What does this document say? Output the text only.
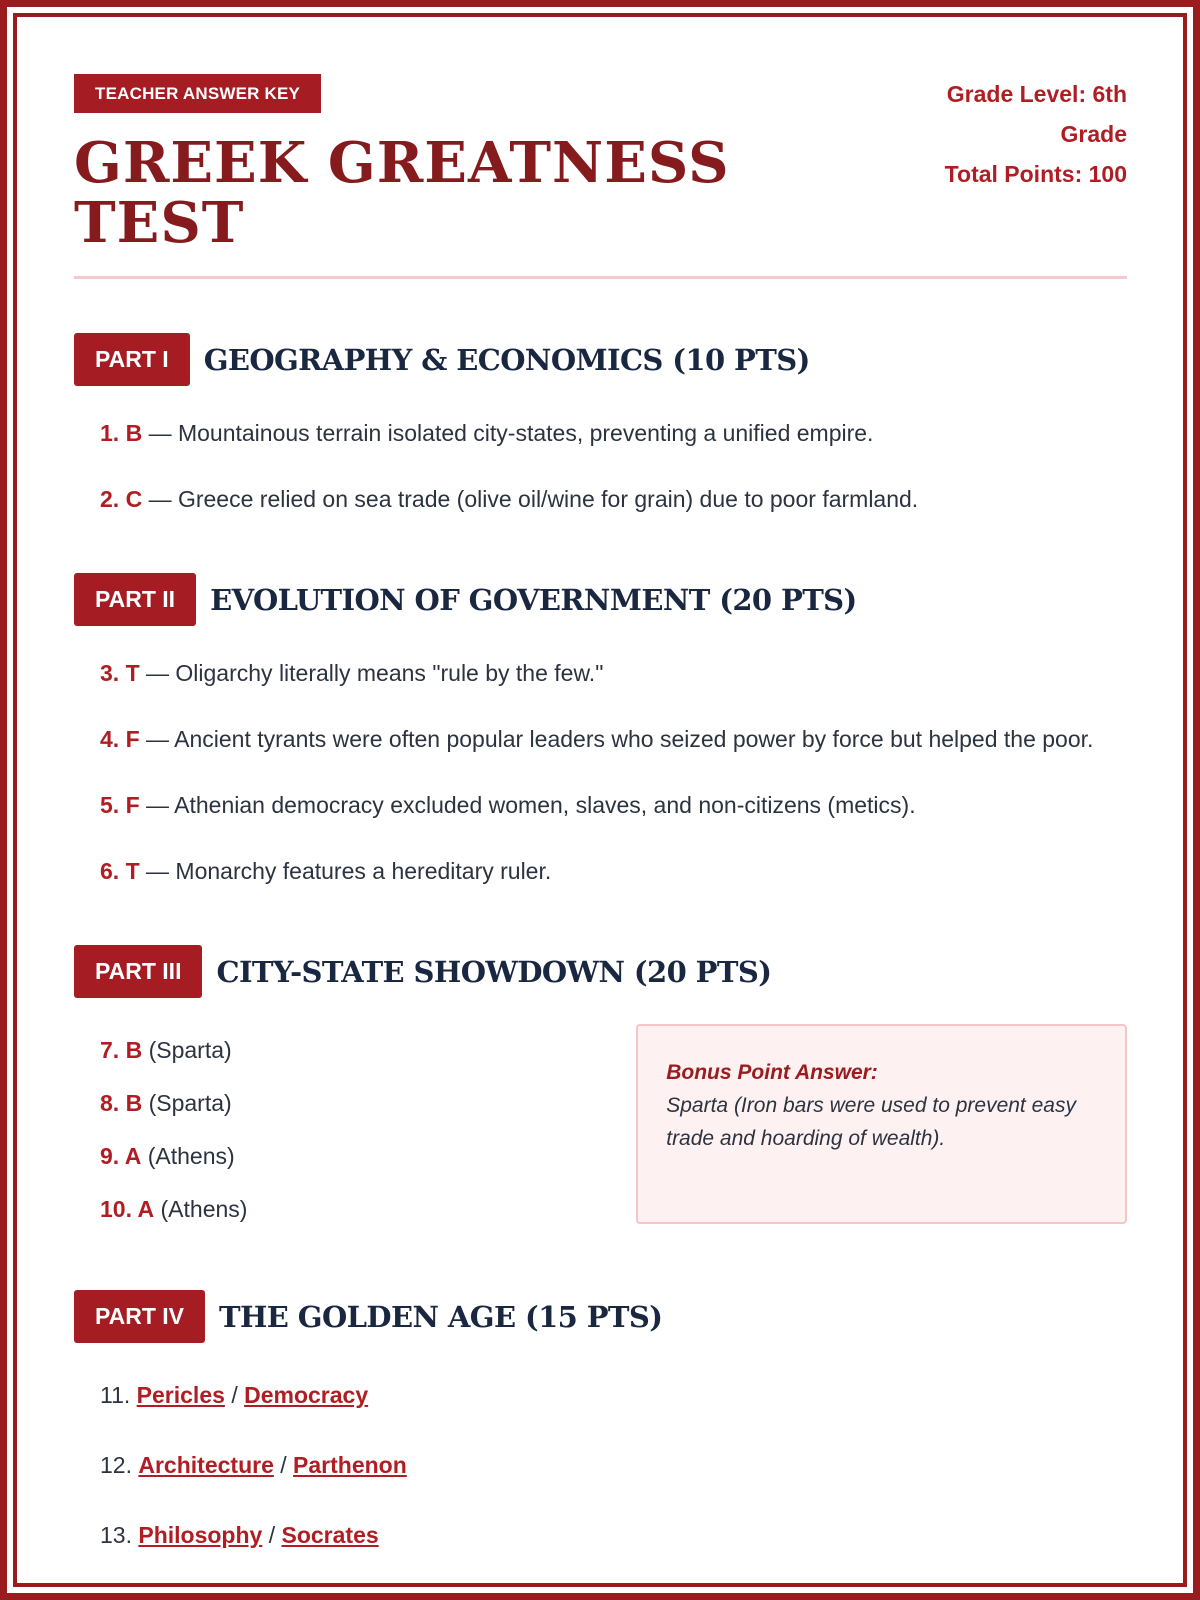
TEACHER ANSWER KEY
GREEK GREATNESS TEST
Grade Level: 6th Grade
Total Points: 100
PART I	GEOGRAPHY & ECONOMICS (10 PTS)
1. B — Mountainous terrain isolated city-states, preventing a unified empire.
2. C — Greece relied on sea trade (olive oil/wine for grain) due to poor farmland.
PART II	EVOLUTION OF GOVERNMENT (20 PTS)
3. T — Oligarchy literally means "rule by the few."
4. F — Ancient tyrants were often popular leaders who seized power by force but helped the poor.
5. F — Athenian democracy excluded women, slaves, and non-citizens (metics).
6. T — Monarchy features a hereditary ruler.
PART III	CITY-STATE SHOWDOWN (20 PTS)
7. B (Sparta)
8. B (Sparta)
9. A (Athens)
10. A (Athens)
Bonus Point Answer:
Sparta (Iron bars were used to prevent easy trade and hoarding of wealth).
PART IV	THE GOLDEN AGE (15 PTS)
11. Pericles / Democracy
12. Architecture / Parthenon
13. Philosophy / Socrates
